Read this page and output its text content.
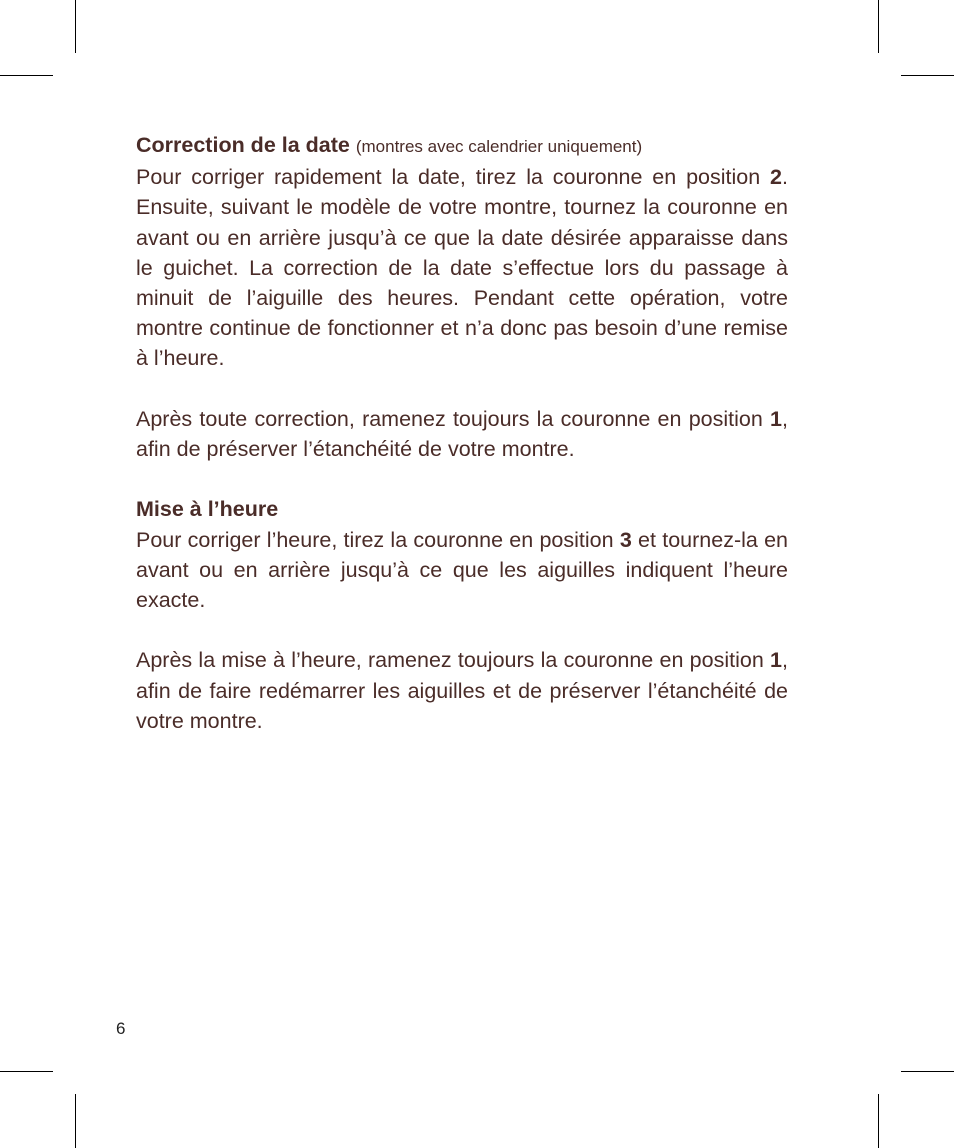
Correction de la date (montres avec calendrier uniquement)

Pour corriger rapidement la date, tirez la couronne en position 2. Ensuite, suivant le modèle de votre montre, tournez la couronne en avant ou en arrière jusqu’à ce que la date désirée apparaisse dans le guichet. La correction de la date s’effectue lors du passage à minuit de l’aiguille des heures. Pendant cette opération, votre montre continue de fonctionner et n’a donc pas besoin d’une remise à l’heure.

Après toute correction, ramenez toujours la couronne en position 1, afin de préserver l’étanchéité de votre montre.

Mise à l’heure

Pour corriger l’heure, tirez la couronne en position 3 et tournez-la en avant ou en arrière jusqu’à ce que les aiguilles indiquent l’heure exacte.

Après la mise à l’heure, ramenez toujours la couronne en position 1, afin de faire redémarrer les aiguilles et de préserver l’étanchéité de votre montre.

6
